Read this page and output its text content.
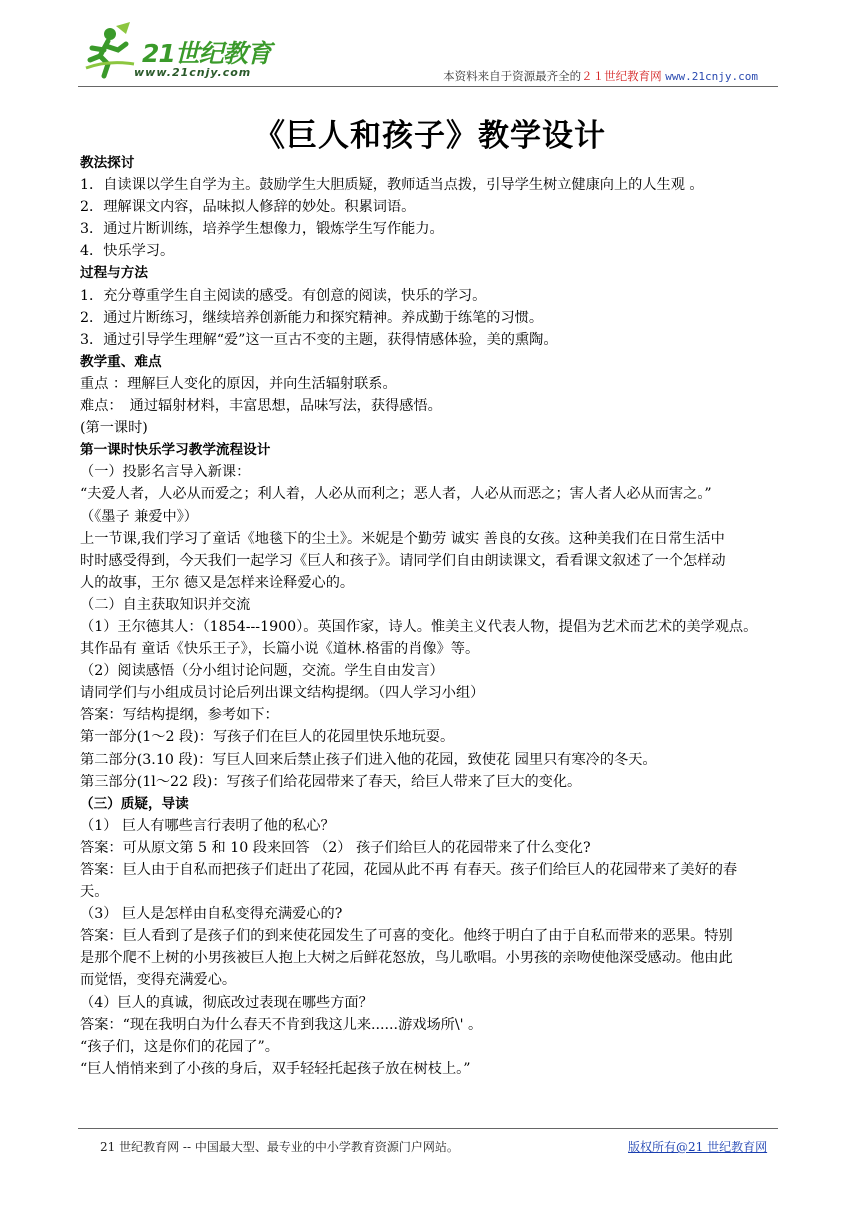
21世纪教育
www.21cnjy.com	本资料来自于资源最齐全的２１世纪教育网 www.21cnjy.com
《巨人和孩子》教学设计

教法探讨

1．自读课以学生自学为主。鼓励学生大胆质疑，教师适当点拨，引导学生树立健康向上的人生观 。

2．理解课文内容，品味拟人修辞的妙处。积累词语。

3．通过片断训练，培养学生想像力，锻炼学生写作能力。

4．快乐学习。

过程与方法

1．充分尊重学生自主阅读的感受。有创意的阅读，快乐的学习。

2．通过片断练习，继续培养创新能力和探究精神。养成勤于练笔的习惯。

3．通过引导学生理解“爱”这一亘古不变的主题，获得情感体验，美的熏陶。

教学重、难点

重点 ：理解巨人变化的原因，并向生活辐射联系。

难点：　通过辐射材料，丰富思想，品味写法，获得感悟。

(第一课时)

第一课时快乐学习教学流程设计

（一）投影名言导入新课：

“夫爱人者，人必从而爱之；利人着，人必从而利之；恶人者，人必从而恶之；害人者人必从而害之。”

（《墨子 兼爱中》）

上一节课,我们学习了童话《地毯下的尘土》。米妮是个勤劳 诚实 善良的女孩。这种美我们在日常生活中

时时感受得到，今天我们一起学习《巨人和孩子》。请同学们自由朗读课文，看看课文叙述了一个怎样动

人的故事，王尔 德又是怎样来诠释爱心的。

（二）自主获取知识并交流

（1）王尔德其人：（1854---1900）。英国作家，诗人。惟美主义代表人物，提倡为艺术而艺术的美学观点。

其作品有 童话《快乐王子》，长篇小说《道林.格雷的肖像》等。

（2）阅读感悟（分小组讨论问题，交流。学生自由发言）

请同学们与小组成员讨论后列出课文结构提纲。（四人学习小组）

答案：写结构提纲，参考如下：

第一部分(1～2 段)：写孩子们在巨人的花园里快乐地玩耍。

第二部分(3.10 段)：写巨人回来后禁止孩子们进入他的花园，致使花 园里只有寒冷的冬天。

第三部分(1l～22 段)：写孩子们给花园带来了春天，给巨人带来了巨大的变化。

（三）质疑，导读

（1） 巨人有哪些言行表明了他的私心？

答案：可从原文第 5 和 10 段来回答 （2） 孩子们给巨人的花园带来了什么变化?

答案：巨人由于自私而把孩子们赶出了花园，花园从此不再 有春天。孩子们给巨人的花园带来了美好的春

天。

（3） 巨人是怎样由自私变得充满爱心的?

答案：巨人看到了是孩子们的到来使花园发生了可喜的变化。他终于明白了由于自私而带来的恶果。特别

是那个爬不上树的小男孩被巨人抱上大树之后鲜花怒放，鸟儿歌唱。小男孩的亲吻使他深受感动。他由此

而觉悟，变得充满爱心。

（4）巨人的真诚，彻底改过表现在哪些方面？

答案：“现在我明白为什么春天不肯到我这儿来......游戏场所\' 。

“孩子们，这是你们的花园了”。

“巨人悄悄来到了小孩的身后，双手轻轻托起孩子放在树枝上。”

21 世纪教育网 -- 中国最大型、最专业的中小学教育资源门户网站。	版权所有@21 世纪教育网
